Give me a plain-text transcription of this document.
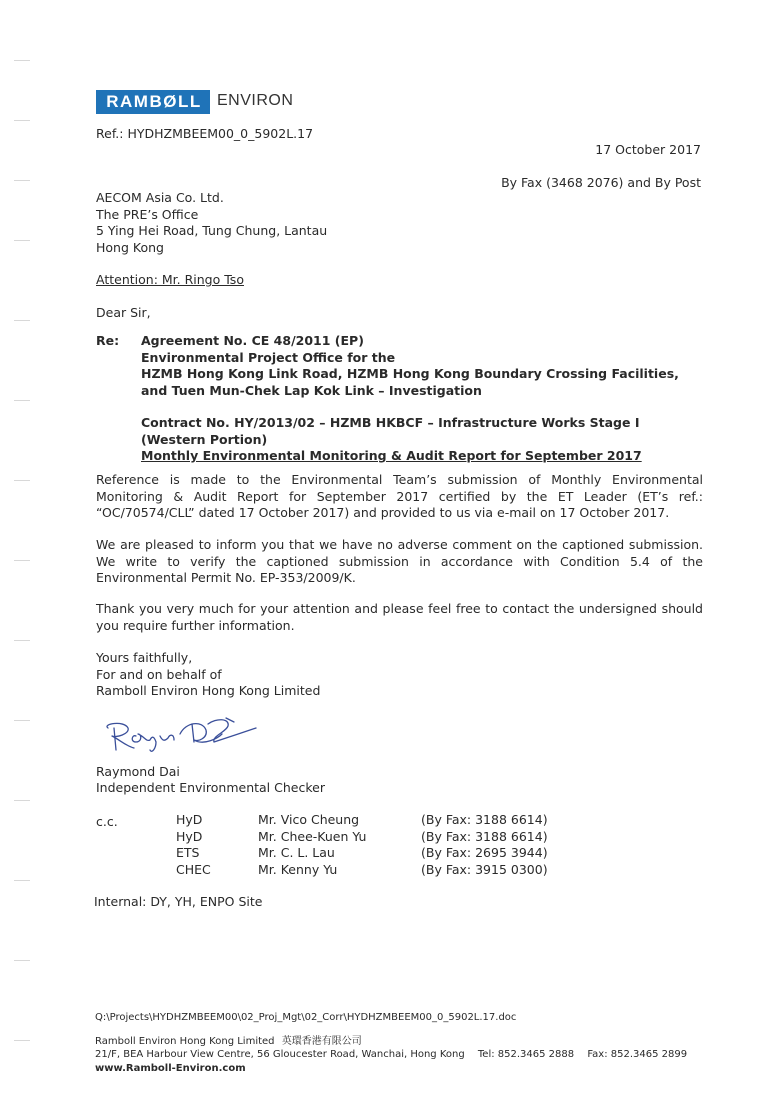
RAMBØLL ENVIRON
Ref.: HYDHZMBEEM00_0_5902L.17
17 October 2017
By Fax (3468 2076) and By Post
AECOM Asia Co. Ltd.
The PRE’s Office
5 Ying Hei Road, Tung Chung, Lantau
Hong Kong
Attention: Mr. Ringo Tso
Dear Sir,
Re: Agreement No. CE 48/2011 (EP)
Environmental Project Office for the
HZMB Hong Kong Link Road, HZMB Hong Kong Boundary Crossing Facilities,
and Tuen Mun-Chek Lap Kok Link – Investigation
Contract No. HY/2013/02 – HZMB HKBCF – Infrastructure Works Stage I
(Western Portion)
Monthly Environmental Monitoring & Audit Report for September 2017
Reference is made to the Environmental Team’s submission of Monthly Environmental Monitoring & Audit Report for September 2017 certified by the ET Leader (ET’s ref.: “OC/70574/CLL” dated 17 October 2017) and provided to us via e-mail on 17 October 2017.
We are pleased to inform you that we have no adverse comment on the captioned submission. We write to verify the captioned submission in accordance with Condition 5.4 of the Environmental Permit No. EP-353/2009/K.
Thank you very much for your attention and please feel free to contact the undersigned should you require further information.
Yours faithfully,
For and on behalf of
Ramboll Environ Hong Kong Limited
Raymond Dai
Independent Environmental Checker
c.c.	HyD
HyD
ETS
CHEC
Mr. Vico Cheung
Mr. Chee-Kuen Yu
Mr. C. L. Lau
Mr. Kenny Yu
(By Fax: 3188 6614)
(By Fax: 3188 6614)
(By Fax: 2695 3944)
(By Fax: 3915 0300)
Internal: DY, YH, ENPO Site
Q:\Projects\HYDHZMBEEM00\02_Proj_Mgt\02_Corr\HYDHZMBEEM00_0_5902L.17.doc
Ramboll Environ Hong Kong Limited 英環香港有限公司
21/F, BEA Harbour View Centre, 56 Gloucester Road, Wanchai, Hong Kong Tel: 852.3465 2888 Fax: 852.3465 2899
www.Ramboll-Environ.com
